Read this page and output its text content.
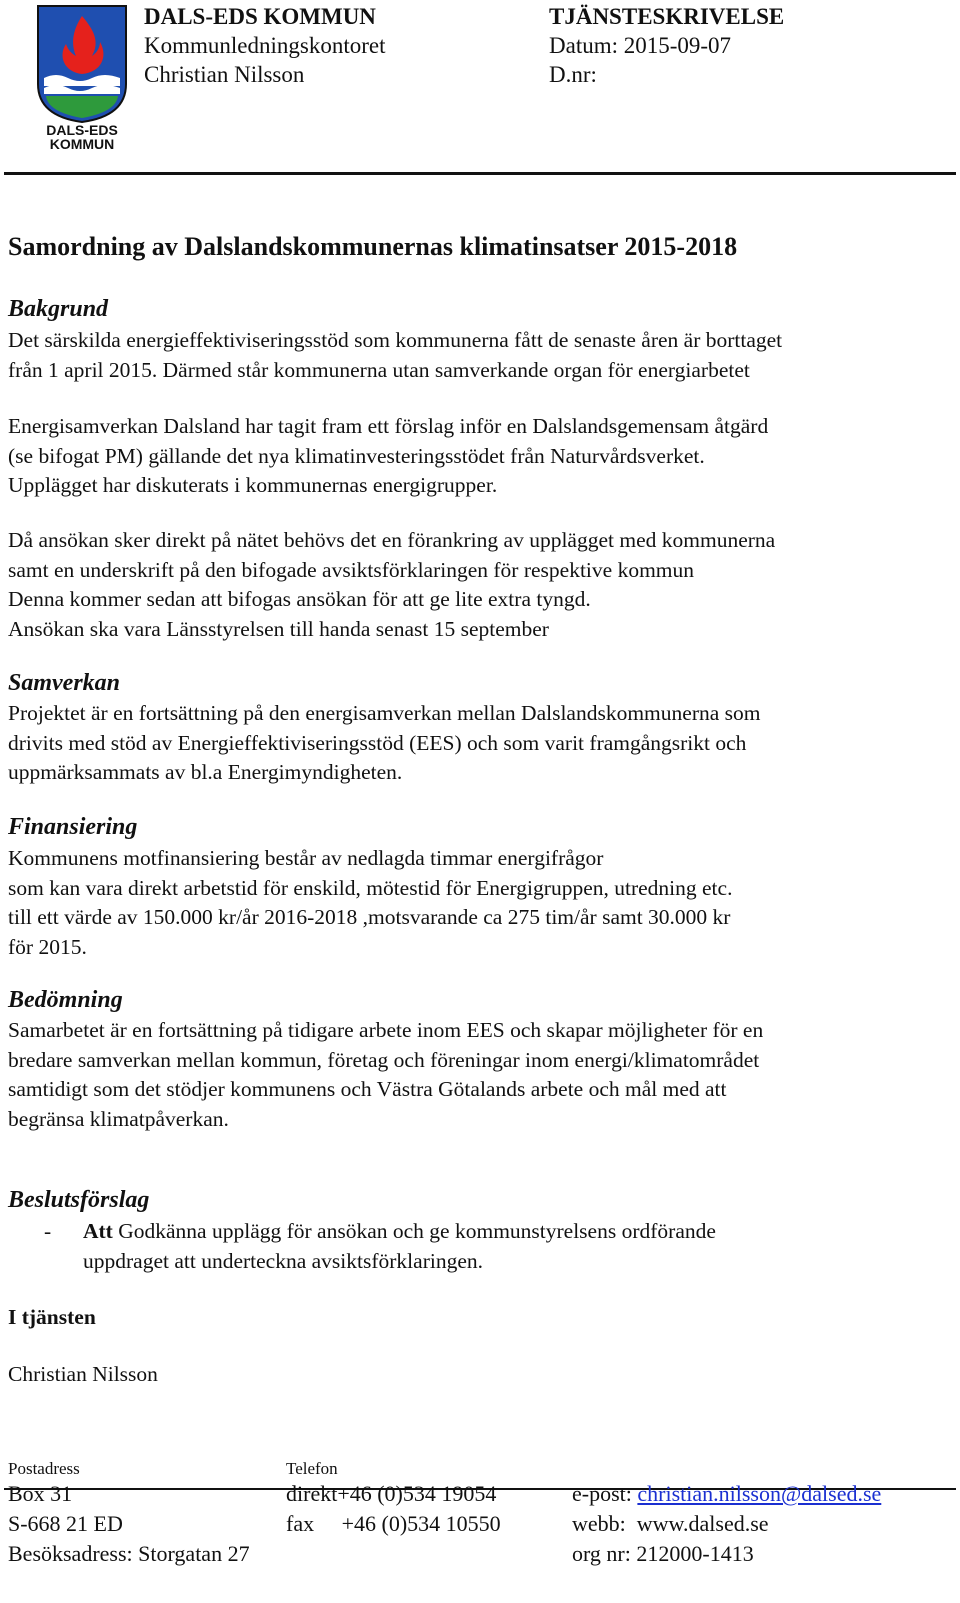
DALS-EDS
KOMMUN
DALS-EDS KOMMUN
Kommunledningskontoret
Christian Nilsson
TJÄNSTESKRIVELSE
Datum: 2015-09-07
D.nr:
Samordning av Dalslandskommunernas klimatinsatser 2015-2018
Bakgrund
Det särskilda energieffektiviseringsstöd som kommunerna fått de senaste åren är borttaget
från 1 april 2015. Därmed står kommunerna utan samverkande organ för energiarbetet
Energisamverkan Dalsland har tagit fram ett förslag inför en Dalslandsgemensam åtgärd
(se bifogat PM) gällande det nya klimatinvesteringsstödet från Naturvårdsverket.
Upplägget har diskuterats i kommunernas energigrupper.
Då ansökan sker direkt på nätet behövs det en förankring av upplägget med kommunerna
samt en underskrift på den bifogade avsiktsförklaringen för respektive kommun
Denna kommer sedan att bifogas ansökan för att ge lite extra tyngd.
Ansökan ska vara Länsstyrelsen till handa senast 15 september
Samverkan
Projektet är en fortsättning på den energisamverkan mellan Dalslandskommunerna som
drivits med stöd av Energieffektiviseringsstöd (EES) och som varit framgångsrikt och
uppmärksammats av bl.a Energimyndigheten.
Finansiering
Kommunens motfinansiering består av nedlagda timmar energifrågor
som kan vara direkt arbetstid för enskild, mötestid för Energigruppen, utredning etc.
till ett värde av 150.000 kr/år 2016-2018 ,motsvarande ca 275 tim/år samt 30.000 kr
för 2015.
Bedömning
Samarbetet är en fortsättning på tidigare arbete inom EES och skapar möjligheter för en
bredare samverkan mellan kommun, företag och föreningar inom energi/klimatområdet
samtidigt som det stödjer kommunens och Västra Götalands arbete och mål med att
begränsa klimatpåverkan.
Beslutsförslag
- Att Godkänna upplägg för ansökan och ge kommunstyrelsens ordförande
uppdraget att underteckna avsiktsförklaringen.
I tjänsten
Christian Nilsson
Postadress	Telefon
Box 31
S-668 21 ED
Besöksadress: Storgatan 27
direkt+46 (0)534 19054
fax     +46 (0)534 10550
e-post: christian.nilsson@dalsed.se
webb: www.dalsed.se
org nr: 212000-1413
